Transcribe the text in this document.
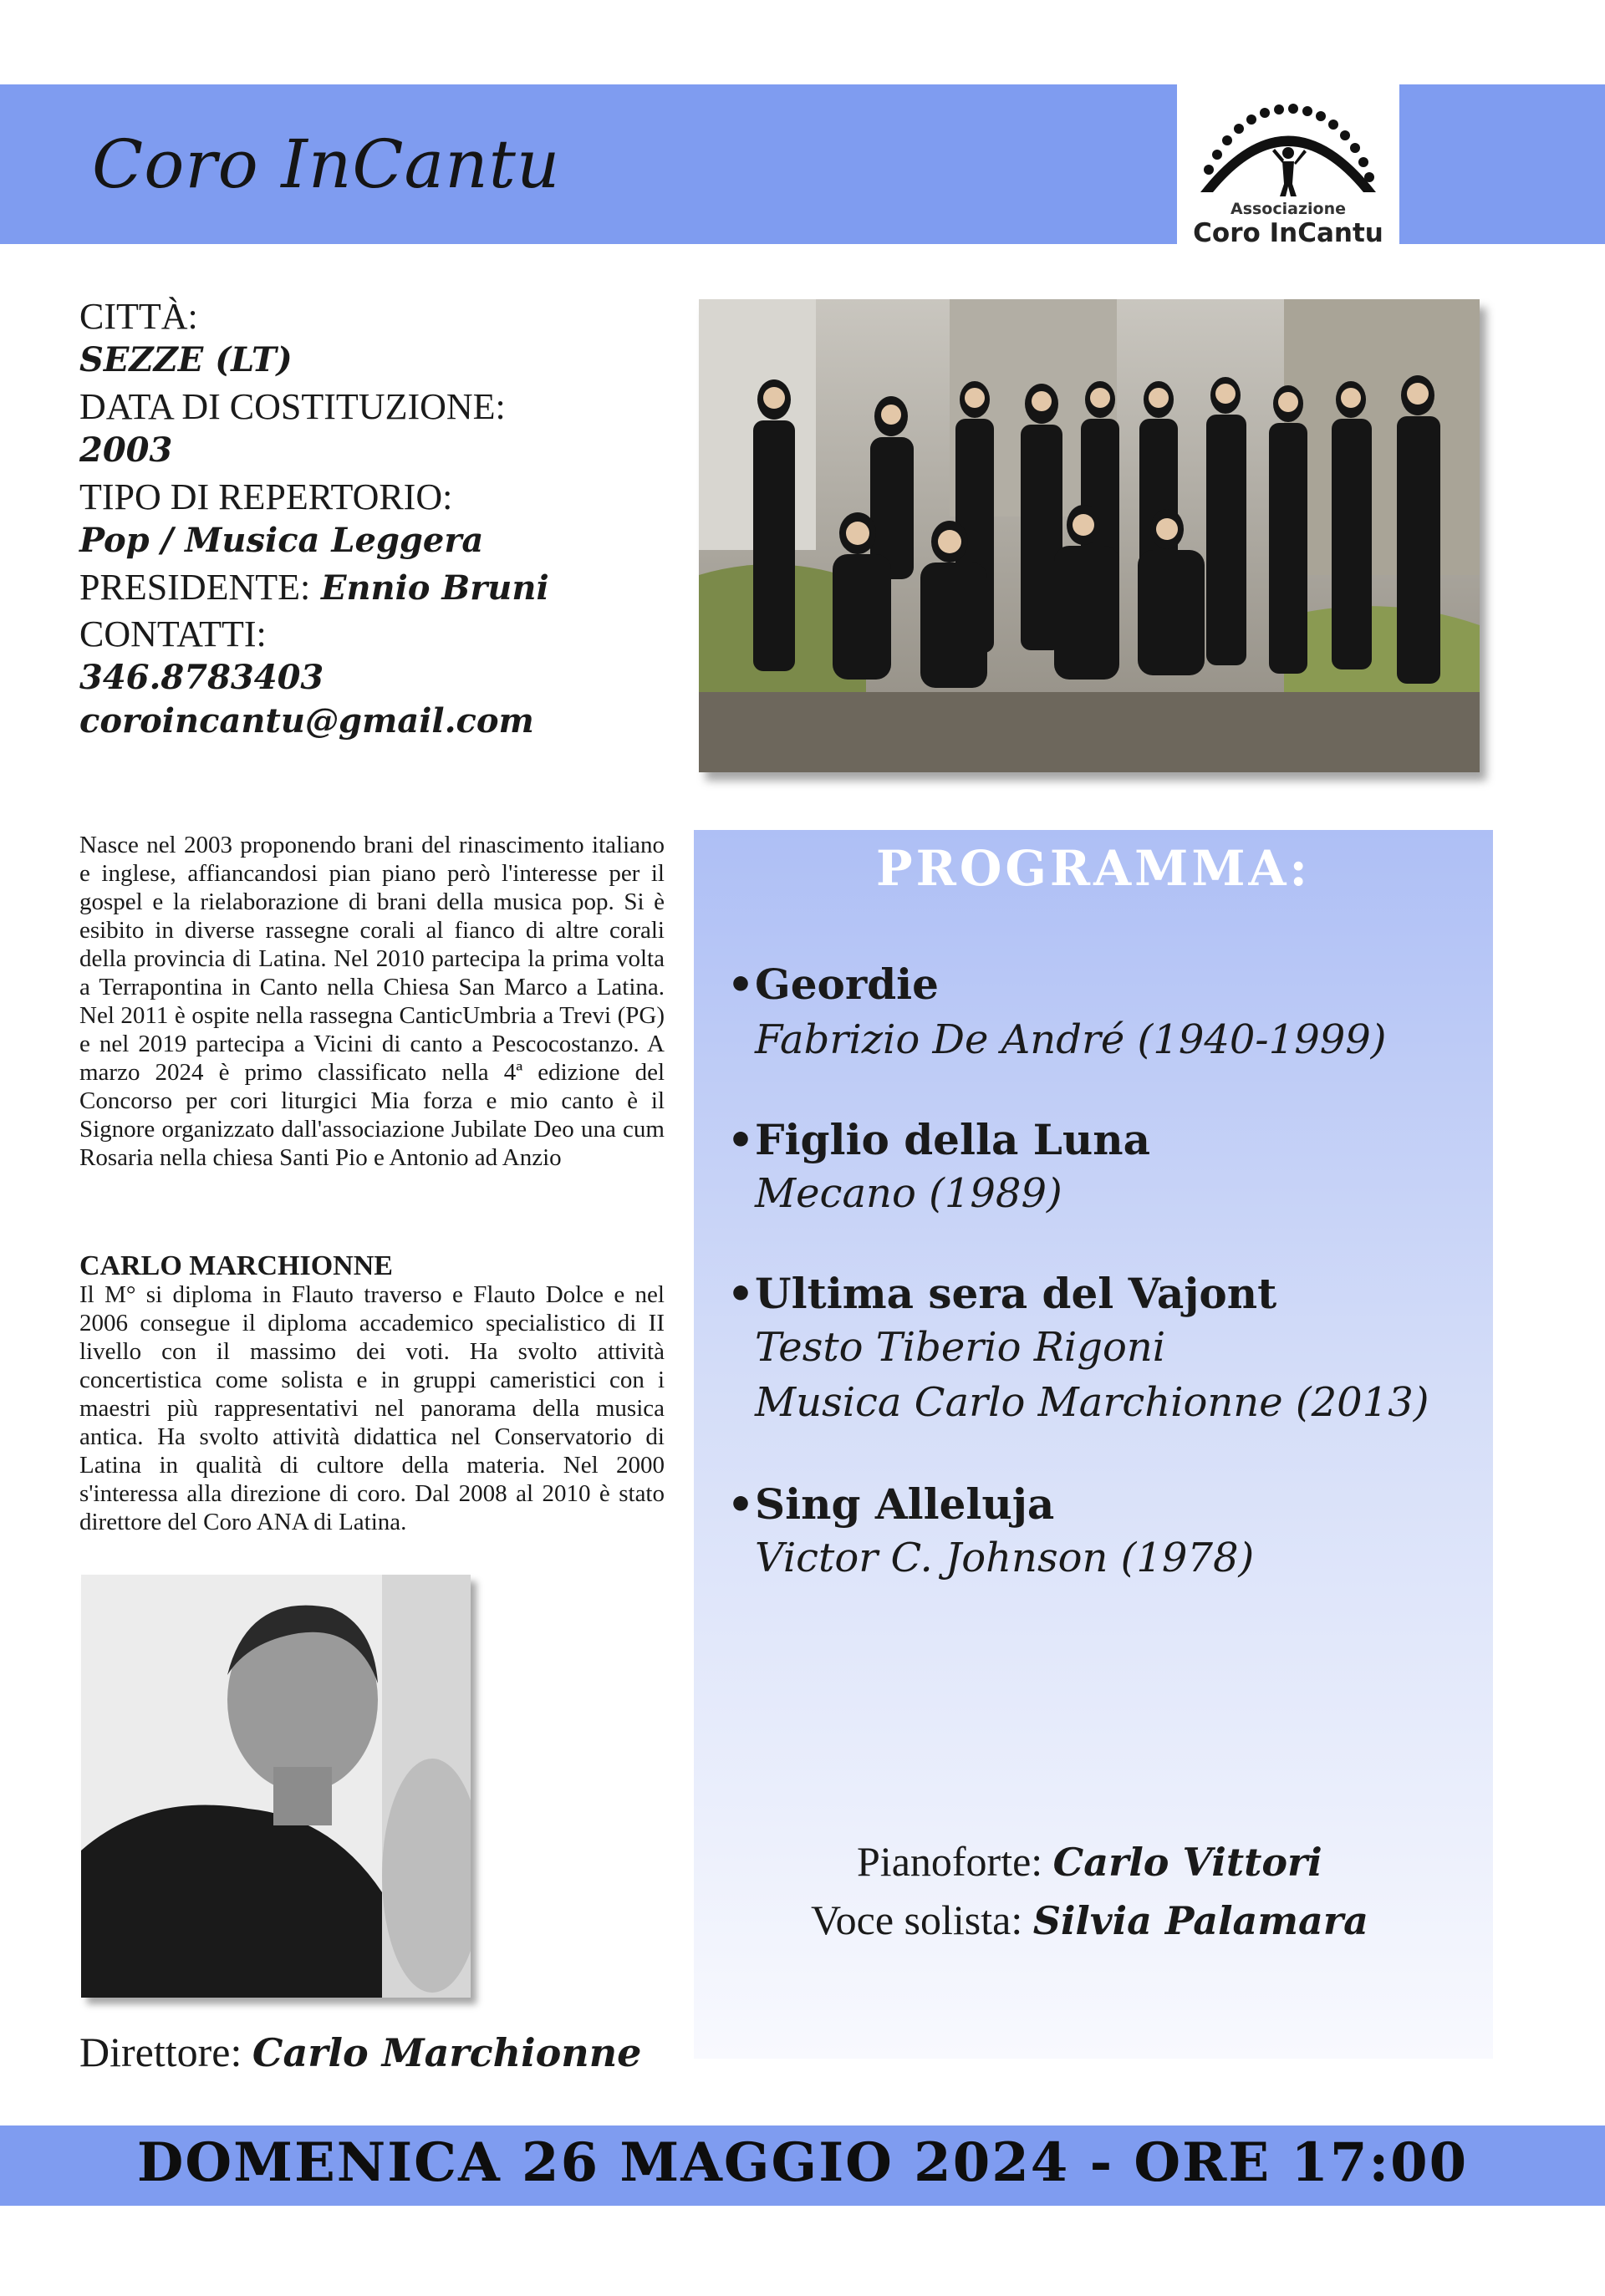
Coro InCantu
Associazione
Coro InCantu
CITTÀ:
SEZZE (LT)
DATA DI COSTITUZIONE:
2003
TIPO DI REPERTORIO:
Pop / Musica Leggera
PRESIDENTE: Ennio Bruni
CONTATTI:
346.8783403
coroincantu@gmail.com
Nasce nel 2003 proponendo brani del rinascimento italiano e inglese, affiancandosi pian piano però l'interesse per il gospel e la rielaborazione di brani della musica pop. Si è esibito in diverse rassegne corali al fianco di altre corali della provincia di Latina. Nel 2010 partecipa la prima volta a Terrapontina in Canto nella Chiesa San Marco a Latina. Nel 2011 è ospite nella rassegna CanticUmbria a Trevi (PG) e nel 2019 partecipa a Vicini di canto a Pescocostanzo. A marzo 2024 è primo classificato nella 4ª edizione del Concorso per cori liturgici Mia forza e mio canto è il Signore organizzato dall'associazione Jubilate Deo una cum Rosaria nella chiesa Santi Pio e Antonio ad Anzio
CARLO MARCHIONNE
Il M° si diploma in Flauto traverso e Flauto Dolce e nel 2006 consegue il diploma accademico specialistico di II livello con il massimo dei voti. Ha svolto attività concertistica come solista e in gruppi cameristici con i maestri più rappresentativi nel panorama della musica antica. Ha svolto attività didattica nel Conservatorio di Latina in qualità di cultore della materia. Nel 2000 s'interessa alla direzione di coro. Dal 2008 al 2010 è stato direttore del Coro ANA di Latina.
Direttore: Carlo Marchionne
PROGRAMMA:
• Geordie
Fabrizio De André (1940-1999)
• Figlio della Luna
Mecano (1989)
• Ultima sera del Vajont
Testo Tiberio Rigoni
Musica Carlo Marchionne (2013)
• Sing Alleluja
Victor C. Johnson (1978)
Pianoforte: Carlo Vittori
Voce solista: Silvia Palamara
DOMENICA 26 MAGGIO 2024 - ORE 17:00
